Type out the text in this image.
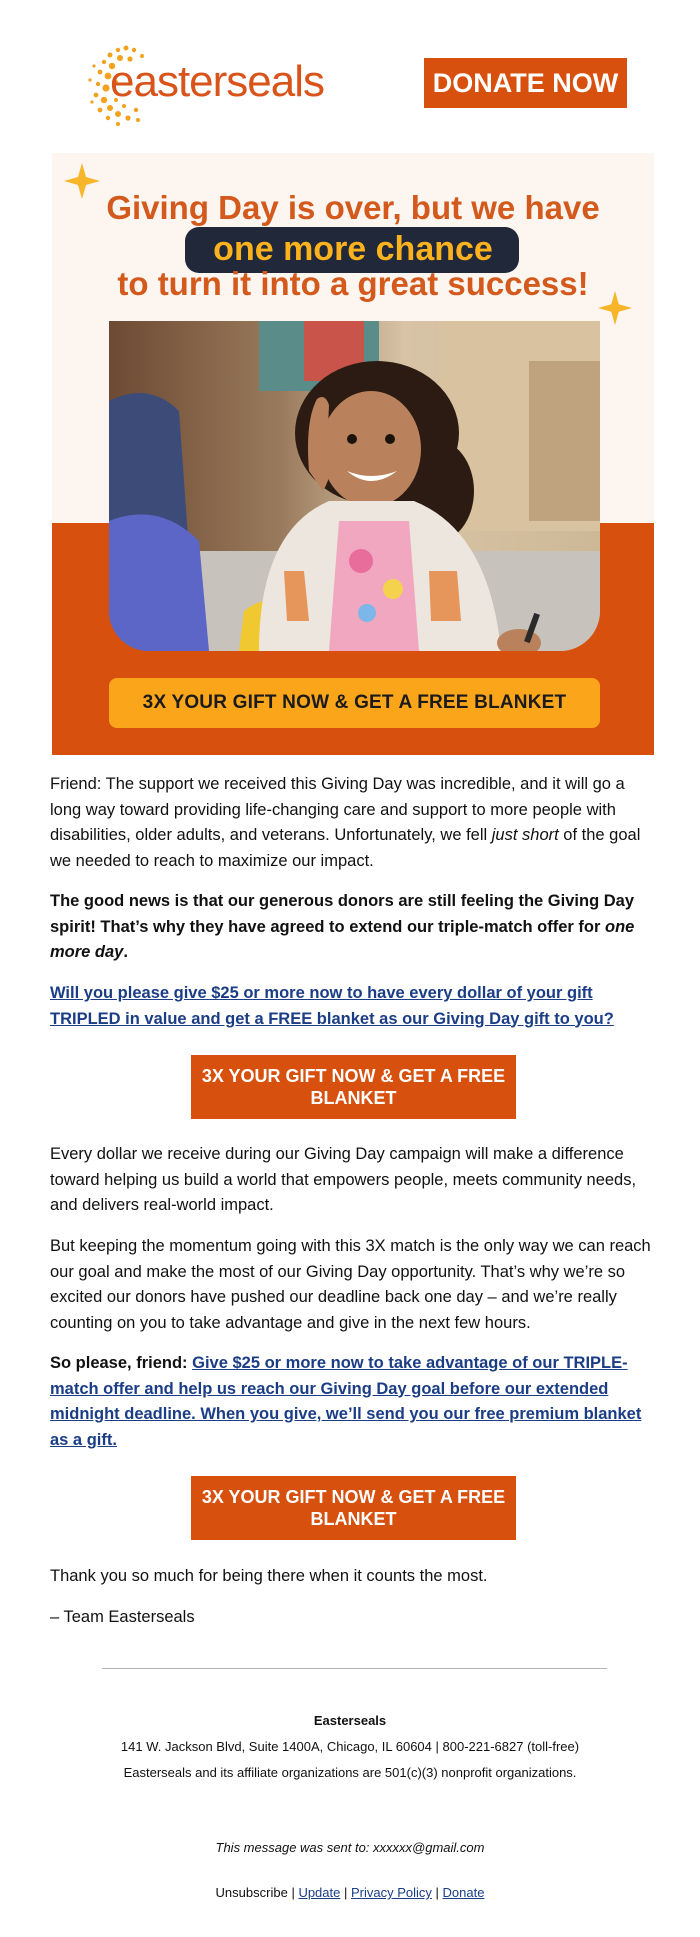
easterseals	DONATE NOW
Giving Day is over, but we have
one more chance
to turn it into a great success!
3X YOUR GIFT NOW & GET A FREE BLANKET

Friend: The support we received this Giving Day was incredible, and it will go a long way toward providing life-changing care and support to more people with disabilities, older adults, and veterans. Unfortunately, we fell just short of the goal we needed to reach to maximize our impact.

The good news is that our generous donors are still feeling the Giving Day spirit! That’s why they have agreed to extend our triple-match offer for one more day.

Will you please give $25 or more now to have every dollar of your gift TRIPLED in value and get a FREE blanket as our Giving Day gift to you?

3X YOUR GIFT NOW & GET A FREE BLANKET

Every dollar we receive during our Giving Day campaign will make a difference toward helping us build a world that empowers people, meets community needs, and delivers real-world impact.

But keeping the momentum going with this 3X match is the only way we can reach our goal and make the most of our Giving Day opportunity. That’s why we’re so excited our donors have pushed our deadline back one day – and we’re really counting on you to take advantage and give in the next few hours.

So please, friend: Give $25 or more now to take advantage of our TRIPLE-match offer and help us reach our Giving Day goal before our extended midnight deadline. When you give, we’ll send you our free premium blanket as a gift.

3X YOUR GIFT NOW & GET A FREE BLANKET

Thank you so much for being there when it counts the most.

– Team Easterseals

Easterseals
141 W. Jackson Blvd, Suite 1400A, Chicago, IL 60604 | 800-221-6827 (toll-free)
Easterseals and its affiliate organizations are 501(c)(3) nonprofit organizations.
This message was sent to: xxxxxx@gmail.com
Unsubscribe | Update | Privacy Policy | Donate
